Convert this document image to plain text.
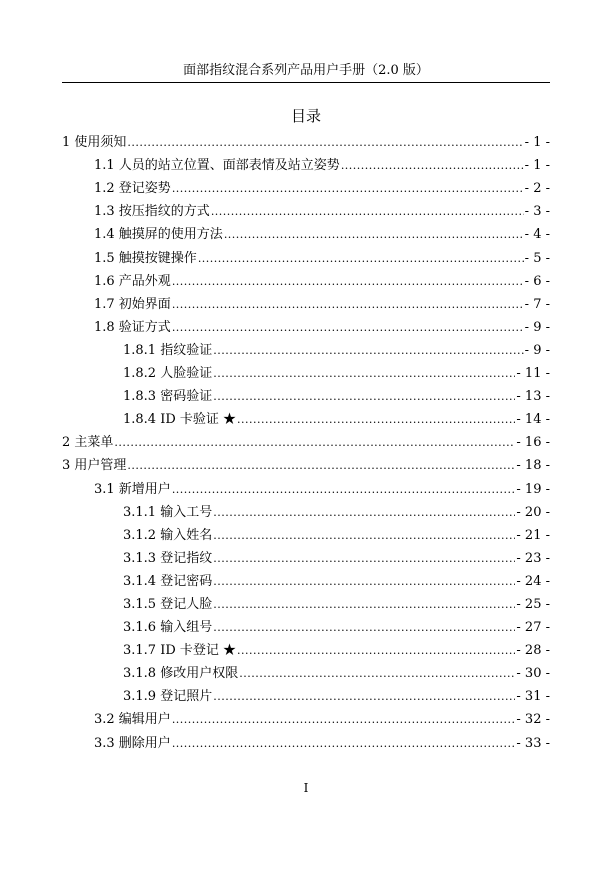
面部指纹混合系列产品用户手册（2.0 版）
目录
1 使用须知 .....	- 1 -
1.1 人员的站立位置、面部表情及站立姿势 .....	- 1 -
1.2 登记姿势 .....	- 2 -
1.3 按压指纹的方式 .....	- 3 -
1.4 触摸屏的使用方法 .....	- 4 -
1.5 触摸按键操作 .....	- 5 -
1.6 产品外观 .....	- 6 -
1.7 初始界面 .....	- 7 -
1.8 验证方式 .....	- 9 -
1.8.1 指纹验证 .....	- 9 -
1.8.2 人脸验证 .....	- 11 -
1.8.3 密码验证 .....	- 13 -
1.8.4 ID 卡验证 ★ .....	- 14 -
2 主菜单 .....	- 16 -
3 用户管理 .....	- 18 -
3.1 新增用户 .....	- 19 -
3.1.1 输入工号 .....	- 20 -
3.1.2 输入姓名 .....	- 21 -
3.1.3 登记指纹 .....	- 23 -
3.1.4 登记密码 .....	- 24 -
3.1.5 登记人脸 .....	- 25 -
3.1.6 输入组号 .....	- 27 -
3.1.7 ID 卡登记 ★ .....	- 28 -
3.1.8 修改用户权限 .....	- 30 -
3.1.9 登记照片 .....	- 31 -
3.2 编辑用户 .....	- 32 -
3.3 删除用户 .....	- 33 -
I
